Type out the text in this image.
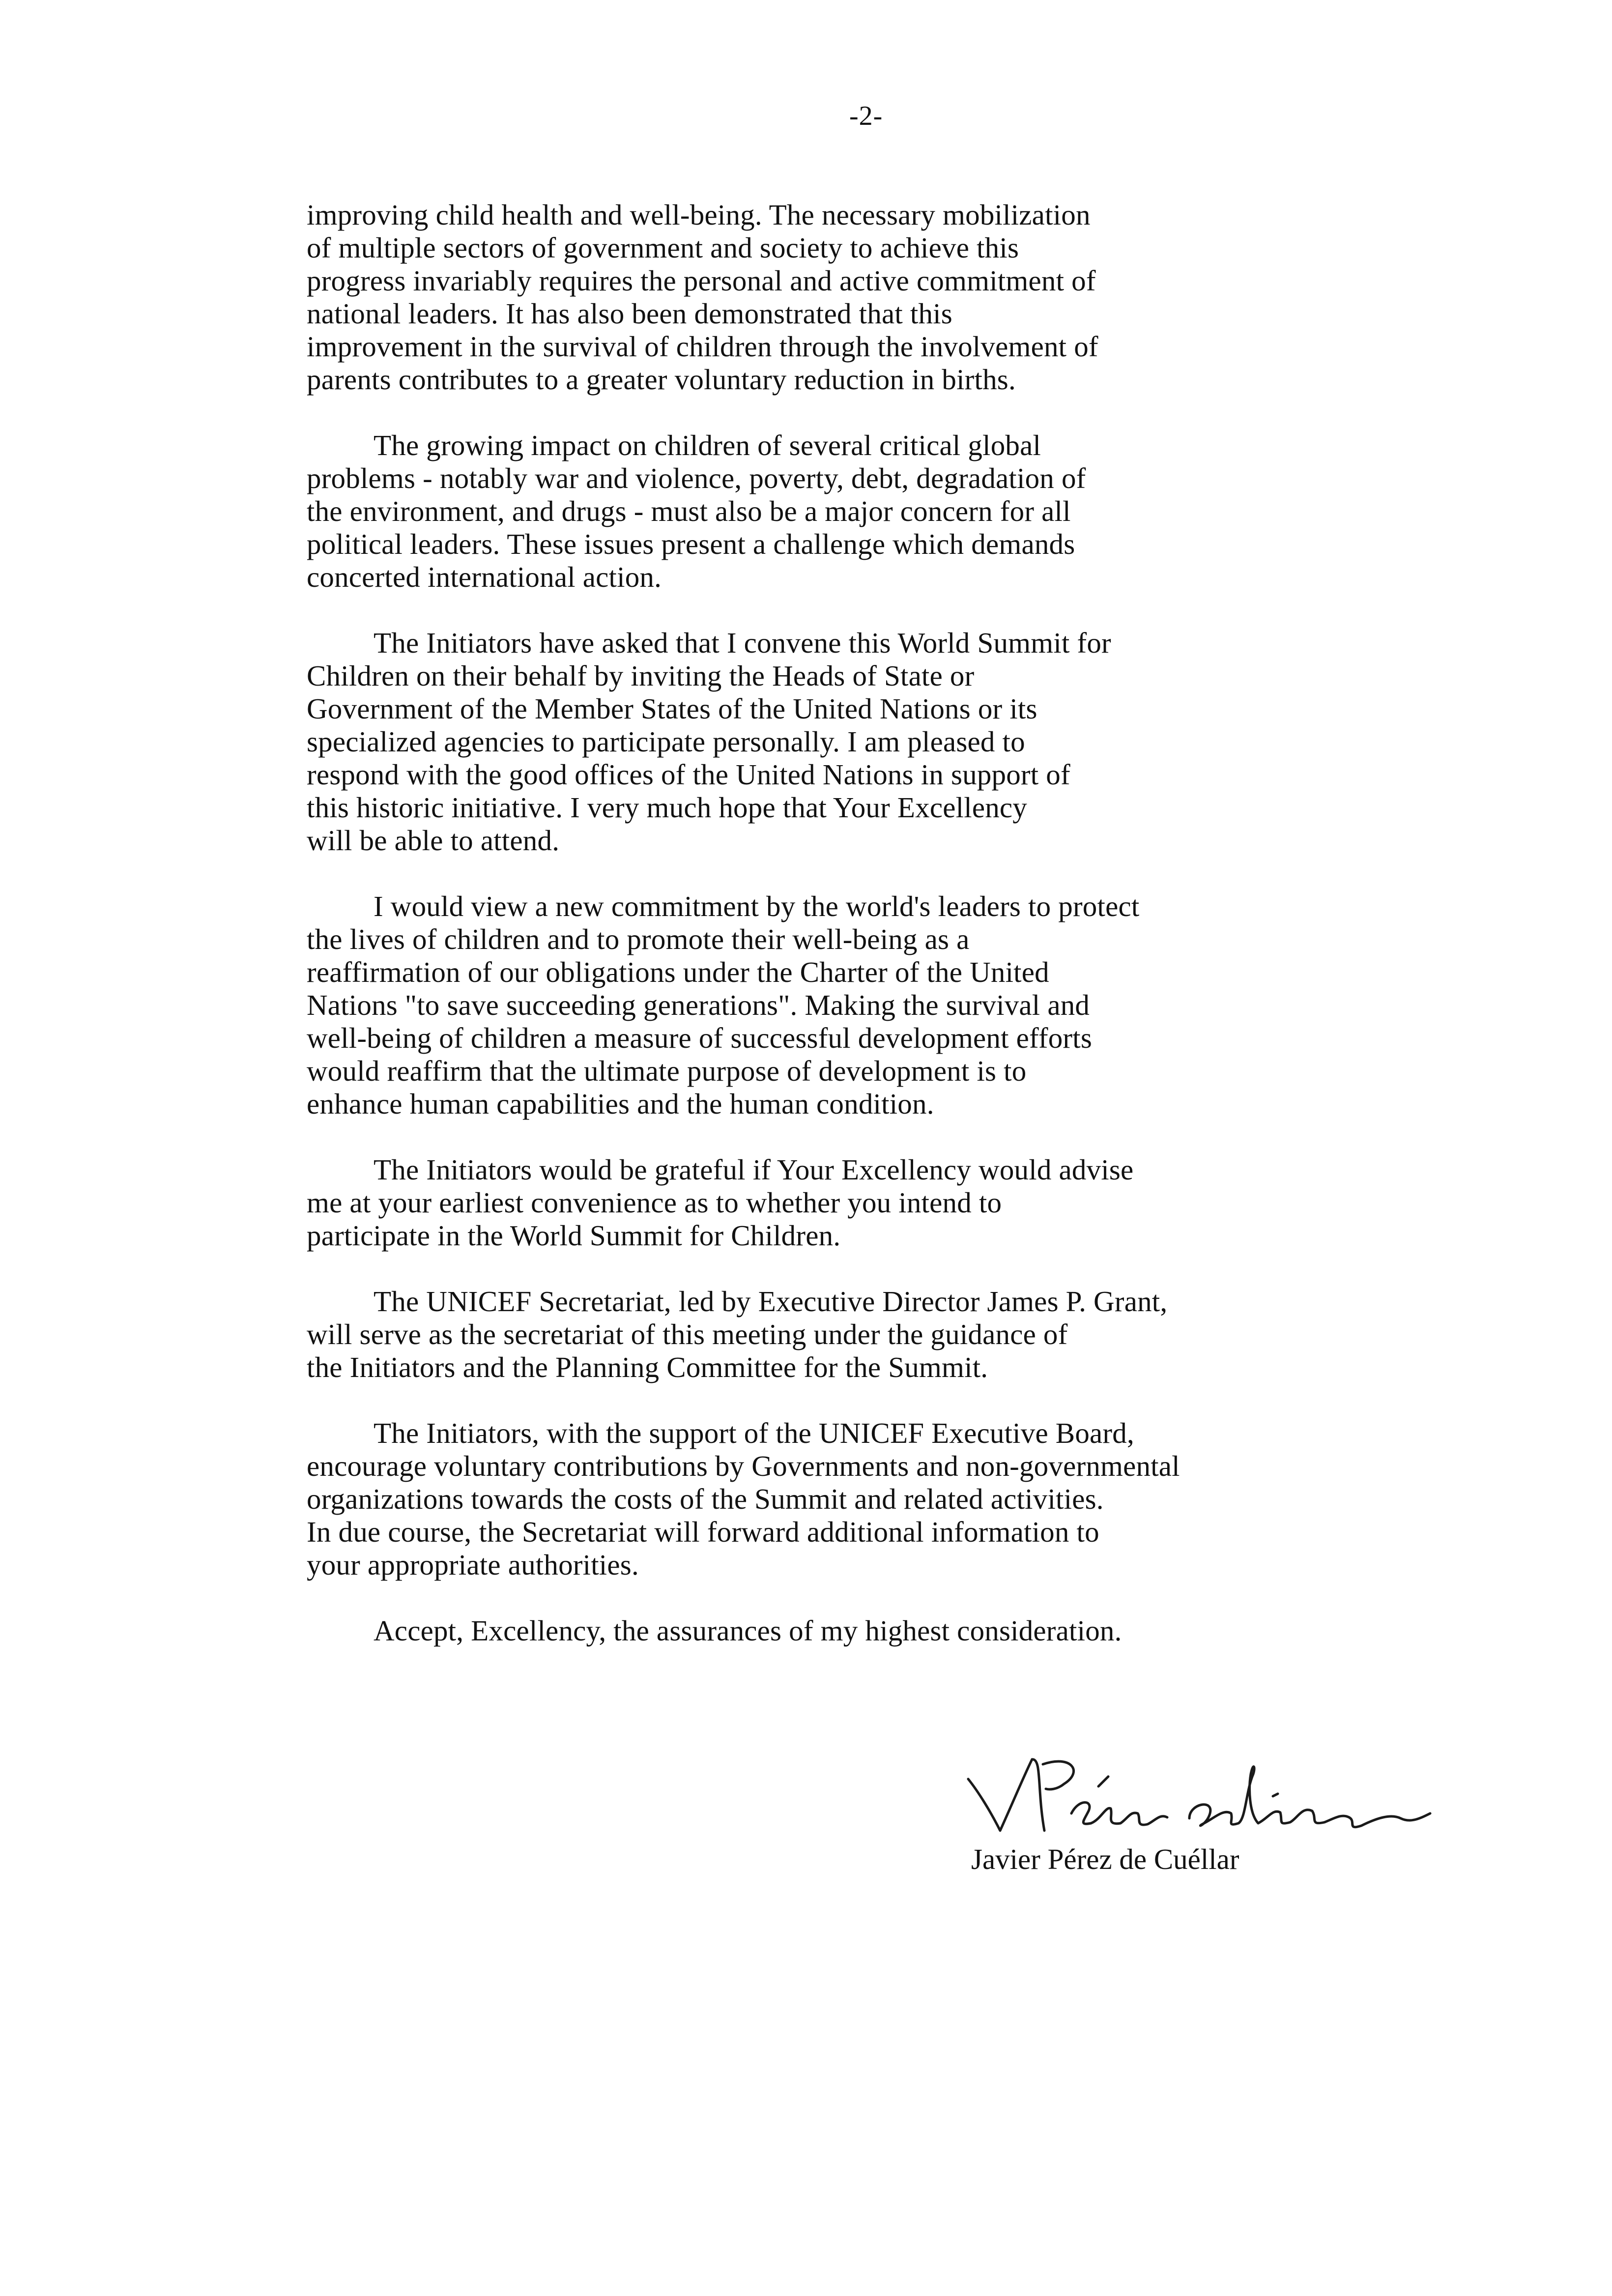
-2-

improving child health and well-being. The necessary mobilization
of multiple sectors of government and society to achieve this
progress invariably requires the personal and active commitment of
national leaders. It has also been demonstrated that this
improvement in the survival of children through the involvement of
parents contributes to a greater voluntary reduction in births.

The growing impact on children of several critical global
problems - notably war and violence, poverty, debt, degradation of
the environment, and drugs - must also be a major concern for all
political leaders. These issues present a challenge which demands
concerted international action.

The Initiators have asked that I convene this World Summit for
Children on their behalf by inviting the Heads of State or
Government of the Member States of the United Nations or its
specialized agencies to participate personally. I am pleased to
respond with the good offices of the United Nations in support of
this historic initiative. I very much hope that Your Excellency
will be able to attend.

I would view a new commitment by the world's leaders to protect
the lives of children and to promote their well-being as a
reaffirmation of our obligations under the Charter of the United
Nations "to save succeeding generations". Making the survival and
well-being of children a measure of successful development efforts
would reaffirm that the ultimate purpose of development is to
enhance human capabilities and the human condition.

The Initiators would be grateful if Your Excellency would advise
me at your earliest convenience as to whether you intend to
participate in the World Summit for Children.

The UNICEF Secretariat, led by Executive Director James P. Grant,
will serve as the secretariat of this meeting under the guidance of
the Initiators and the Planning Committee for the Summit.

The Initiators, with the support of the UNICEF Executive Board,
encourage voluntary contributions by Governments and non-governmental
organizations towards the costs of the Summit and related activities.
In due course, the Secretariat will forward additional information to
your appropriate authorities.

Accept, Excellency, the assurances of my highest consideration.

Javier Pérez de Cuéllar
